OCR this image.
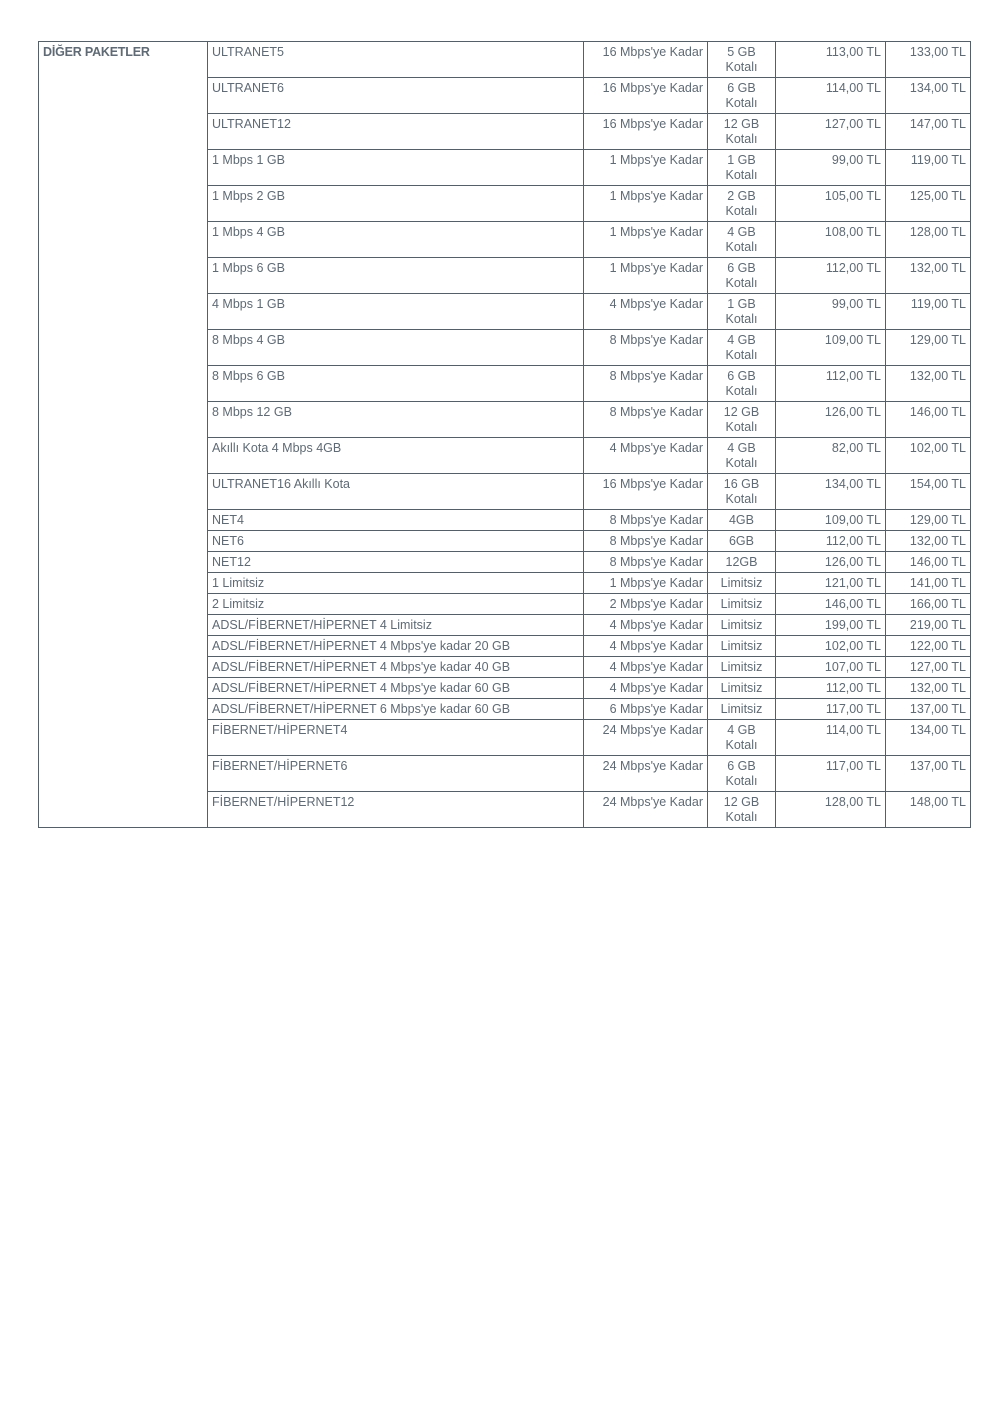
DİĞER PAKETLER	ULTRANET5	16 Mbps'ye Kadar	5 GB Kotalı	113,00 TL	133,00 TL
	ULTRANET6	16 Mbps'ye Kadar	6 GB Kotalı	114,00 TL	134,00 TL
	ULTRANET12	16 Mbps'ye Kadar	12 GB Kotalı	127,00 TL	147,00 TL
	1 Mbps 1 GB	1 Mbps'ye Kadar	1 GB Kotalı	99,00 TL	119,00 TL
	1 Mbps 2 GB	1 Mbps'ye Kadar	2 GB Kotalı	105,00 TL	125,00 TL
	1 Mbps 4 GB	1 Mbps'ye Kadar	4 GB Kotalı	108,00 TL	128,00 TL
	1 Mbps 6 GB	1 Mbps'ye Kadar	6 GB Kotalı	112,00 TL	132,00 TL
	4 Mbps 1 GB	4 Mbps'ye Kadar	1 GB Kotalı	99,00 TL	119,00 TL
	8 Mbps 4 GB	8 Mbps'ye Kadar	4 GB Kotalı	109,00 TL	129,00 TL
	8 Mbps 6 GB	8 Mbps'ye Kadar	6 GB Kotalı	112,00 TL	132,00 TL
	8 Mbps 12 GB	8 Mbps'ye Kadar	12 GB Kotalı	126,00 TL	146,00 TL
	Akıllı Kota 4 Mbps 4GB	4 Mbps'ye Kadar	4 GB Kotalı	82,00 TL	102,00 TL
	ULTRANET16 Akıllı Kota	16 Mbps'ye Kadar	16 GB Kotalı	134,00 TL	154,00 TL
	NET4	8 Mbps'ye Kadar	4GB	109,00 TL	129,00 TL
	NET6	8 Mbps'ye Kadar	6GB	112,00 TL	132,00 TL
	NET12	8 Mbps'ye Kadar	12GB	126,00 TL	146,00 TL
	1 Limitsiz	1 Mbps'ye Kadar	Limitsiz	121,00 TL	141,00 TL
	2 Limitsiz	2 Mbps'ye Kadar	Limitsiz	146,00 TL	166,00 TL
	ADSL/FİBERNET/HİPERNET 4 Limitsiz	4 Mbps'ye Kadar	Limitsiz	199,00 TL	219,00 TL
	ADSL/FİBERNET/HİPERNET 4 Mbps'ye kadar 20 GB	4 Mbps'ye Kadar	Limitsiz	102,00 TL	122,00 TL
	ADSL/FİBERNET/HİPERNET 4 Mbps'ye kadar 40 GB	4 Mbps'ye Kadar	Limitsiz	107,00 TL	127,00 TL
	ADSL/FİBERNET/HİPERNET 4 Mbps'ye kadar 60 GB	4 Mbps'ye Kadar	Limitsiz	112,00 TL	132,00 TL
	ADSL/FİBERNET/HİPERNET 6 Mbps'ye kadar 60 GB	6 Mbps'ye Kadar	Limitsiz	117,00 TL	137,00 TL
	FİBERNET/HİPERNET4	24 Mbps'ye Kadar	4 GB Kotalı	114,00 TL	134,00 TL
	FİBERNET/HİPERNET6	24 Mbps'ye Kadar	6 GB Kotalı	117,00 TL	137,00 TL
	FİBERNET/HİPERNET12	24 Mbps'ye Kadar	12 GB Kotalı	128,00 TL	148,00 TL
